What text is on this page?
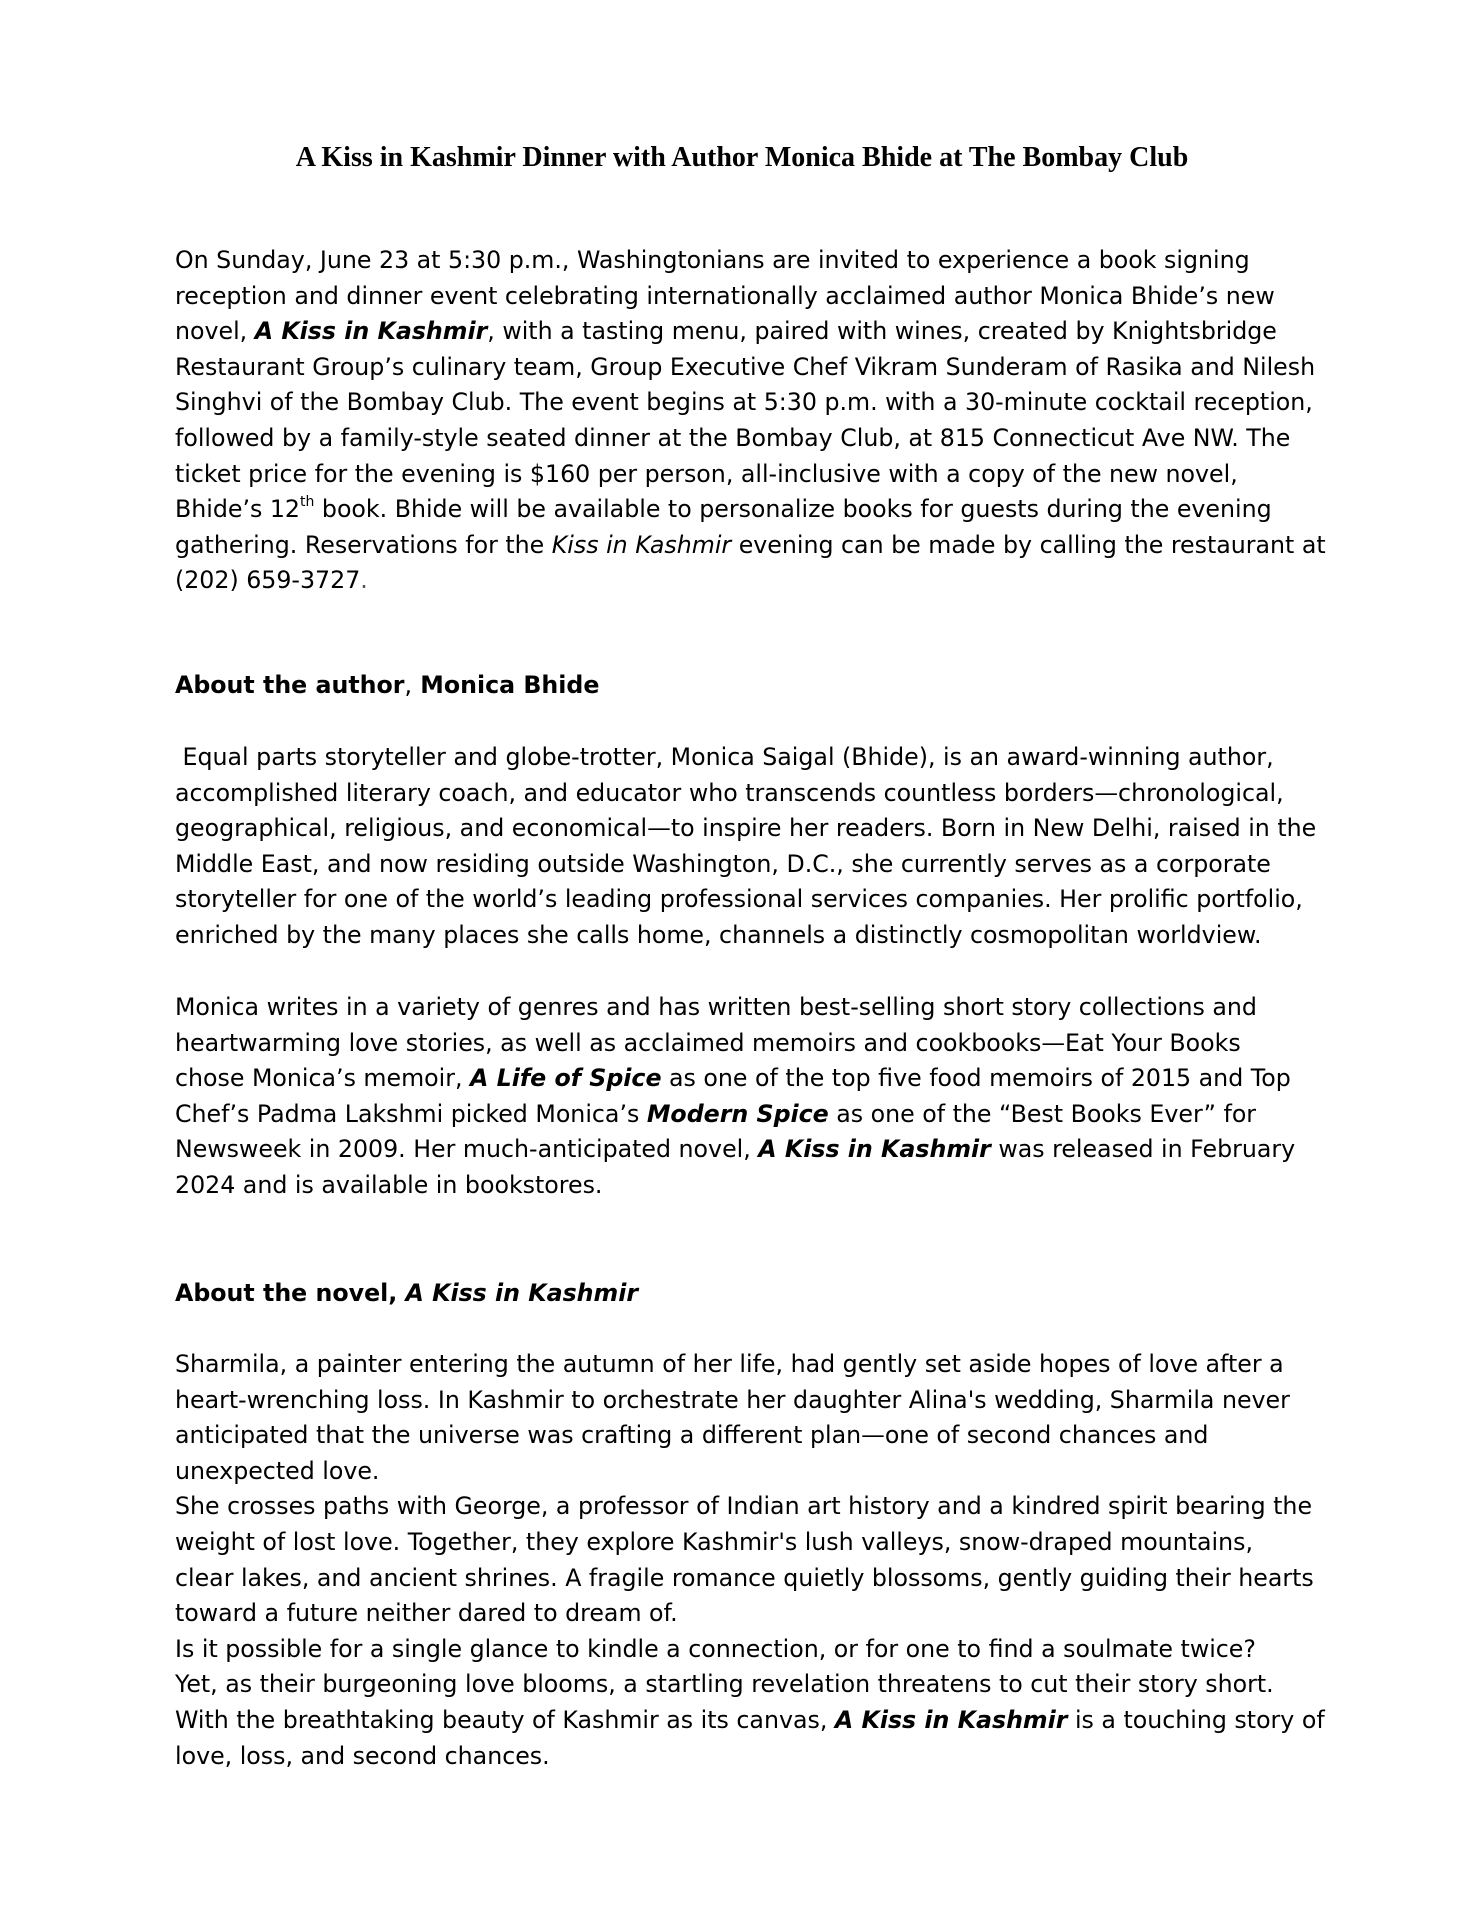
A Kiss in Kashmir Dinner with Author Monica Bhide at The Bombay Club
On Sunday, June 23 at 5:30 p.m., Washingtonians are invited to experience a book signing
reception and dinner event celebrating internationally acclaimed author Monica Bhide’s new
novel, A Kiss in Kashmir, with a tasting menu, paired with wines, created by Knightsbridge
Restaurant Group’s culinary team, Group Executive Chef Vikram Sunderam of Rasika and Nilesh
Singhvi of the Bombay Club. The event begins at 5:30 p.m. with a 30-minute cocktail reception,
followed by a family-style seated dinner at the Bombay Club, at 815 Connecticut Ave NW. The
ticket price for the evening is $160 per person, all-inclusive with a copy of the new novel,
Bhide’s 12th book. Bhide will be available to personalize books for guests during the evening
gathering. Reservations for the Kiss in Kashmir evening can be made by calling the restaurant at
(202) 659-3727.
About the author, Monica Bhide
Equal parts storyteller and globe-trotter, Monica Saigal (Bhide), is an award-winning author,
accomplished literary coach, and educator who transcends countless borders—chronological,
geographical, religious, and economical—to inspire her readers. Born in New Delhi, raised in the
Middle East, and now residing outside Washington, D.C., she currently serves as a corporate
storyteller for one of the world’s leading professional services companies. Her prolific portfolio,
enriched by the many places she calls home, channels a distinctly cosmopolitan worldview.
Monica writes in a variety of genres and has written best-selling short story collections and
heartwarming love stories, as well as acclaimed memoirs and cookbooks—Eat Your Books
chose Monica’s memoir, A Life of Spice as one of the top five food memoirs of 2015 and Top
Chef’s Padma Lakshmi picked Monica’s Modern Spice as one of the “Best Books Ever” for
Newsweek in 2009. Her much-anticipated novel, A Kiss in Kashmir was released in February
2024 and is available in bookstores.
About the novel, A Kiss in Kashmir
Sharmila, a painter entering the autumn of her life, had gently set aside hopes of love after a
heart-wrenching loss. In Kashmir to orchestrate her daughter Alina's wedding, Sharmila never
anticipated that the universe was crafting a different plan—one of second chances and
unexpected love.
She crosses paths with George, a professor of Indian art history and a kindred spirit bearing the
weight of lost love. Together, they explore Kashmir's lush valleys, snow-draped mountains,
clear lakes, and ancient shrines. A fragile romance quietly blossoms, gently guiding their hearts
toward a future neither dared to dream of.
Is it possible for a single glance to kindle a connection, or for one to find a soulmate twice?
Yet, as their burgeoning love blooms, a startling revelation threatens to cut their story short.
With the breathtaking beauty of Kashmir as its canvas, A Kiss in Kashmir is a touching story of
love, loss, and second chances.
